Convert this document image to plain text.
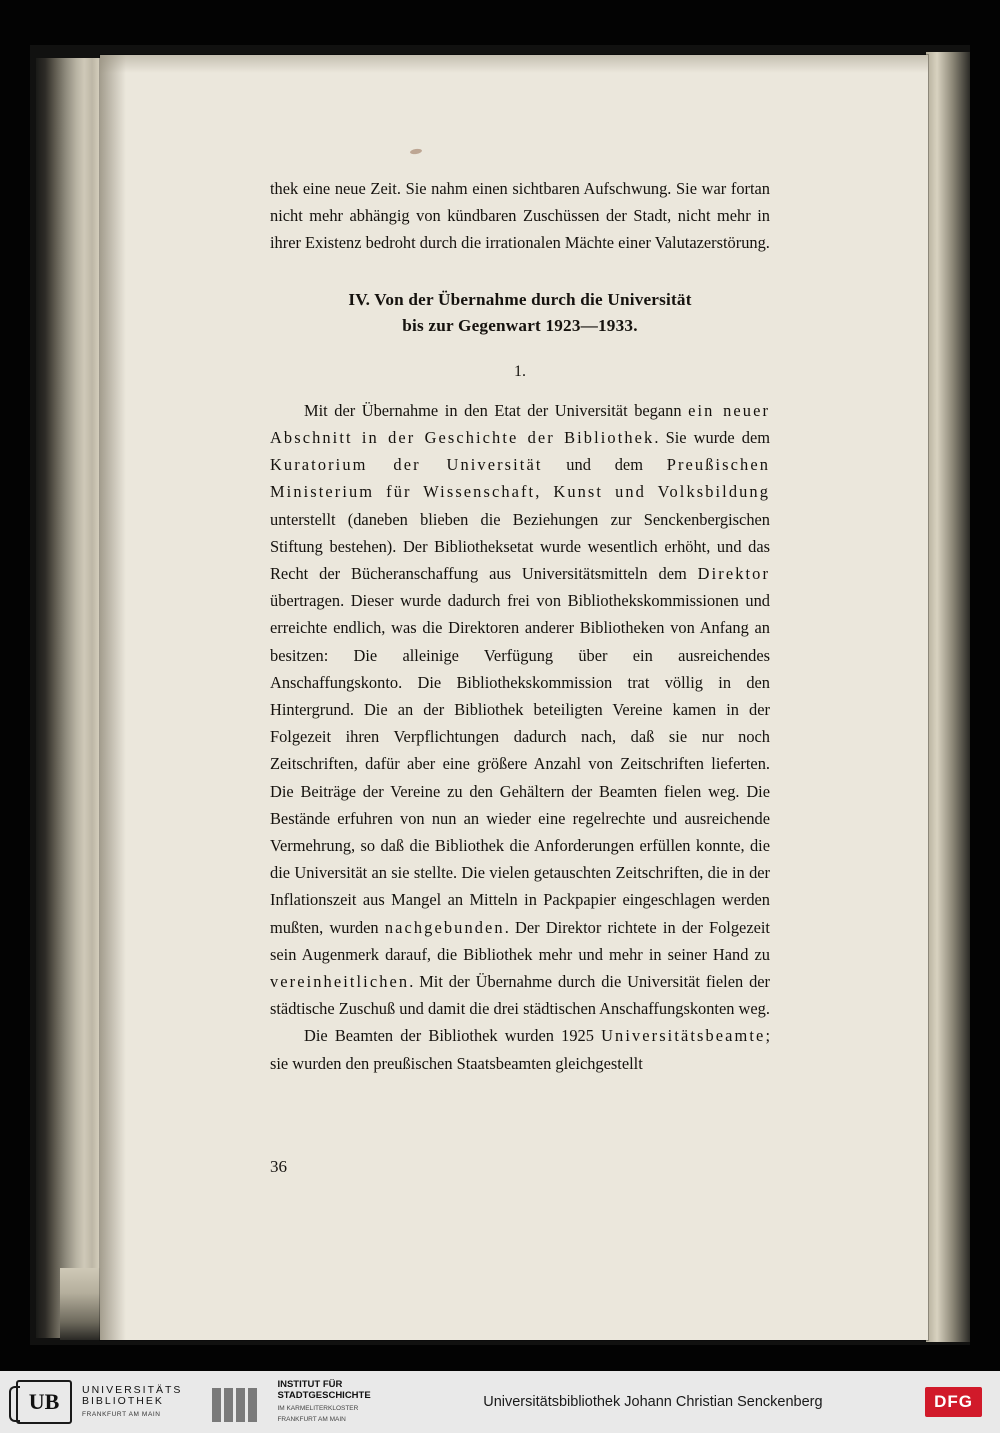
thek eine neue Zeit. Sie nahm einen sichtbaren Aufschwung. Sie war fortan nicht mehr abhängig von kündbaren Zuschüssen der Stadt, nicht mehr in ihrer Existenz bedroht durch die irrationalen Mächte einer Valutazerstörung.

IV. Von der Übernahme durch die Universität
bis zur Gegenwart 1923—1933.
1.

Mit der Übernahme in den Etat der Universität begann ein neuer Abschnitt in der Geschichte der Bibliothek. Sie wurde dem Kuratorium der Universität und dem Preußischen Ministerium für Wissenschaft, Kunst und Volksbildung unterstellt (daneben blieben die Beziehungen zur Senckenbergischen Stiftung bestehen). Der Bibliotheksetat wurde wesentlich erhöht, und das Recht der Bücheranschaffung aus Universitätsmitteln dem Direktor übertragen. Dieser wurde dadurch frei von Bibliothekskommissionen und erreichte endlich, was die Direktoren anderer Bibliotheken von Anfang an besitzen: Die alleinige Verfügung über ein ausreichendes Anschaffungskonto. Die Bibliothekskommission trat völlig in den Hintergrund. Die an der Bibliothek beteiligten Vereine kamen in der Folgezeit ihren Verpflichtungen dadurch nach, daß sie nur noch Zeitschriften, dafür aber eine größere Anzahl von Zeitschriften lieferten. Die Beiträge der Vereine zu den Gehältern der Beamten fielen weg. Die Bestände erfuhren von nun an wieder eine regelrechte und ausreichende Vermehrung, so daß die Bibliothek die Anforderungen erfüllen konnte, die die Universität an sie stellte. Die vielen getauschten Zeitschriften, die in der Inflationszeit aus Mangel an Mitteln in Packpapier eingeschlagen werden mußten, wurden nachgebunden. Der Direktor richtete in der Folgezeit sein Augenmerk darauf, die Bibliothek mehr und mehr in seiner Hand zu vereinheitlichen. Mit der Übernahme durch die Universität fielen der städtische Zuschuß und damit die drei städtischen Anschaffungskonten weg.

Die Beamten der Bibliothek wurden 1925 Universitätsbeamte; sie wurden den preußischen Staatsbeamten gleichgestellt

36
UB	UNIVERSITÄTS
BIBLIOTHEK
FRANKFURT AM MAIN
INSTITUT FÜR
STADTGESCHICHTE
IM KARMELITERKLOSTER
FRANKFURT AM MAIN
Universitätsbibliothek Johann Christian Senckenberg	DFG
